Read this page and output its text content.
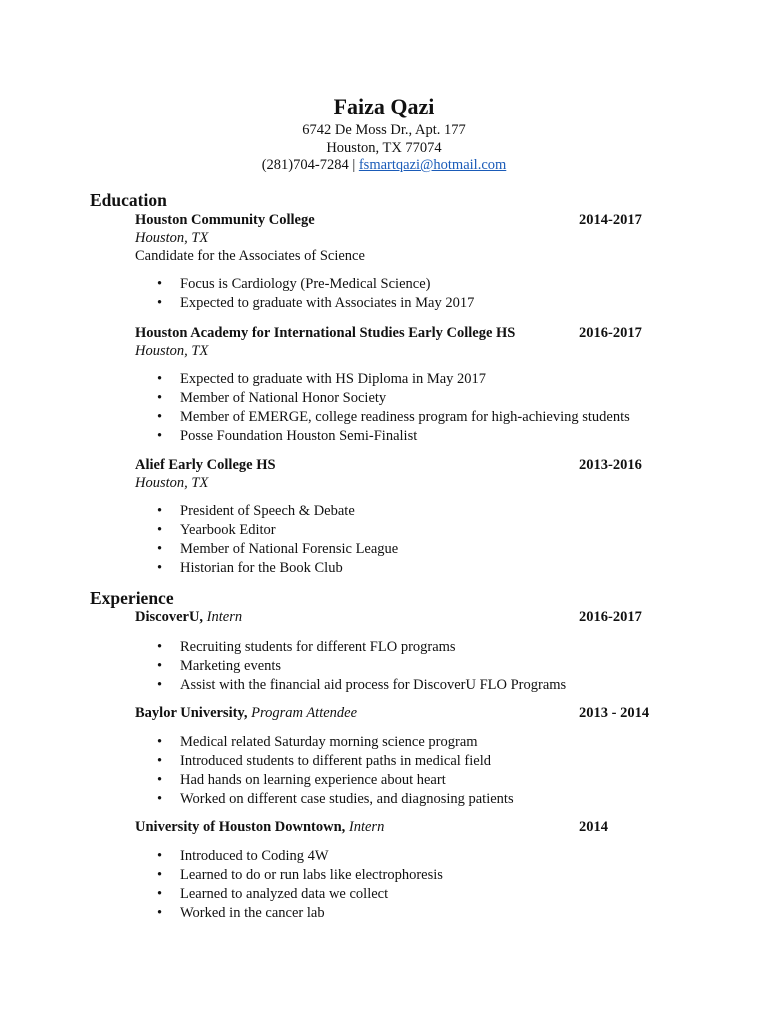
Faiza Qazi
6742 De Moss Dr., Apt. 177
Houston, TX 77074
(281)704-7284 | fsmartqazi@hotmail.com
Education
Houston Community College	2014-2017
Houston, TX
Candidate for the Associates of Science
• Focus is Cardiology (Pre-Medical Science)
• Expected to graduate with Associates in May 2017
Houston Academy for International Studies Early College HS	2016-2017
Houston, TX
• Expected to graduate with HS Diploma in May 2017
• Member of National Honor Society
• Member of EMERGE, college readiness program for high-achieving students
• Posse Foundation Houston Semi-Finalist
Alief Early College HS	2013-2016
Houston, TX
• President of Speech & Debate
• Yearbook Editor
• Member of National Forensic League
• Historian for the Book Club
Experience
DiscoverU, Intern	2016-2017
• Recruiting students for different FLO programs
• Marketing events
• Assist with the financial aid process for DiscoverU FLO Programs
Baylor University, Program Attendee	2013 - 2014
• Medical related Saturday morning science program
• Introduced students to different paths in medical field
• Had hands on learning experience about heart
• Worked on different case studies, and diagnosing patients
University of Houston Downtown, Intern	2014
• Introduced to Coding 4W
• Learned to do or run labs like electrophoresis
• Learned to analyzed data we collect
• Worked in the cancer lab
